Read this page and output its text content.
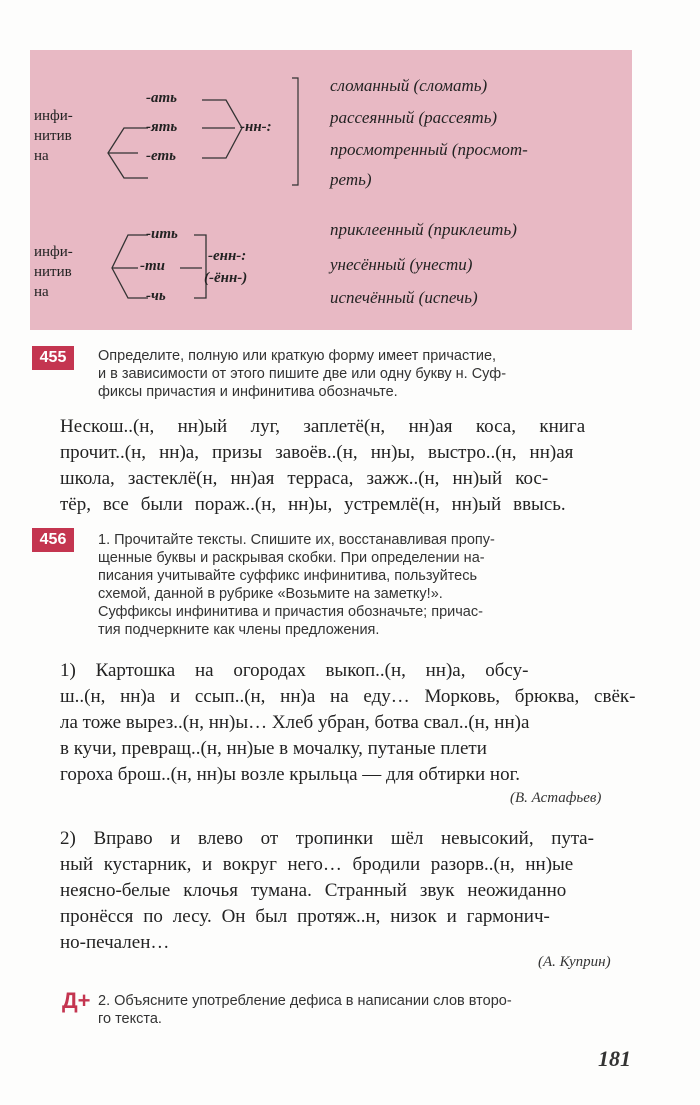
инфи-
нитив
на
-ать
-ять
-еть
-нн-:
сломанный (сломать)
рассеянный (рассеять)
просмотренный (просмот-
реть)
инфи-
нитив
на
-ить
-ти
-чь
-енн-:
(-ённ-)
приклеенный (приклеить)
унесённый (унести)
испечённый (испечь)
455	Определите, полную или краткую форму имеет причастие,
и в зависимости от этого пишите две или одну букву н. Суф-
фиксы причастия и инфинитива обозначьте.
Нескош..(н, нн)ый луг, заплетё(н, нн)ая коса, книга
прочит..(н, нн)а, призы завоёв..(н, нн)ы, выстро..(н, нн)ая
школа, застеклё(н, нн)ая терраса, зажж..(н, нн)ый кос-
тёр, все были пораж..(н, нн)ы, устремлё(н, нн)ый ввысь.
456	1. Прочитайте тексты. Спишите их, восстанавливая пропу-
щенные буквы и раскрывая скобки. При определении на-
писания учитывайте суффикс инфинитива, пользуйтесь
схемой, данной в рубрике «Возьмите на заметку!».
Суффиксы инфинитива и причастия обозначьте; причас-
тия подчеркните как члены предложения.
1) Картошка на огородах выкоп..(н, нн)а, обсу-
ш..(н, нн)а и ссып..(н, нн)а на еду… Морковь, брюква, свёк-
ла тоже вырез..(н, нн)ы… Хлеб убран, ботва свал..(н, нн)а
в кучи, превращ..(н, нн)ые в мочалку, путаные плети
гороха брош..(н, нн)ы возле крыльца — для обтирки ног.
(В. Астафьев)
2) Вправо и влево от тропинки шёл невысокий, путa-
ный кустарник, и вокруг него… бродили разорв..(н, нн)ые
неясно-белые клочья тумана. Странный звук неожиданно
пронёсся по лесу. Он был протяж..н, низок и гармонич-
но-печален…
(А. Куприн)
Д+ 2. Объясните употребление дефиса в написании слов второ-
го текста.
181
